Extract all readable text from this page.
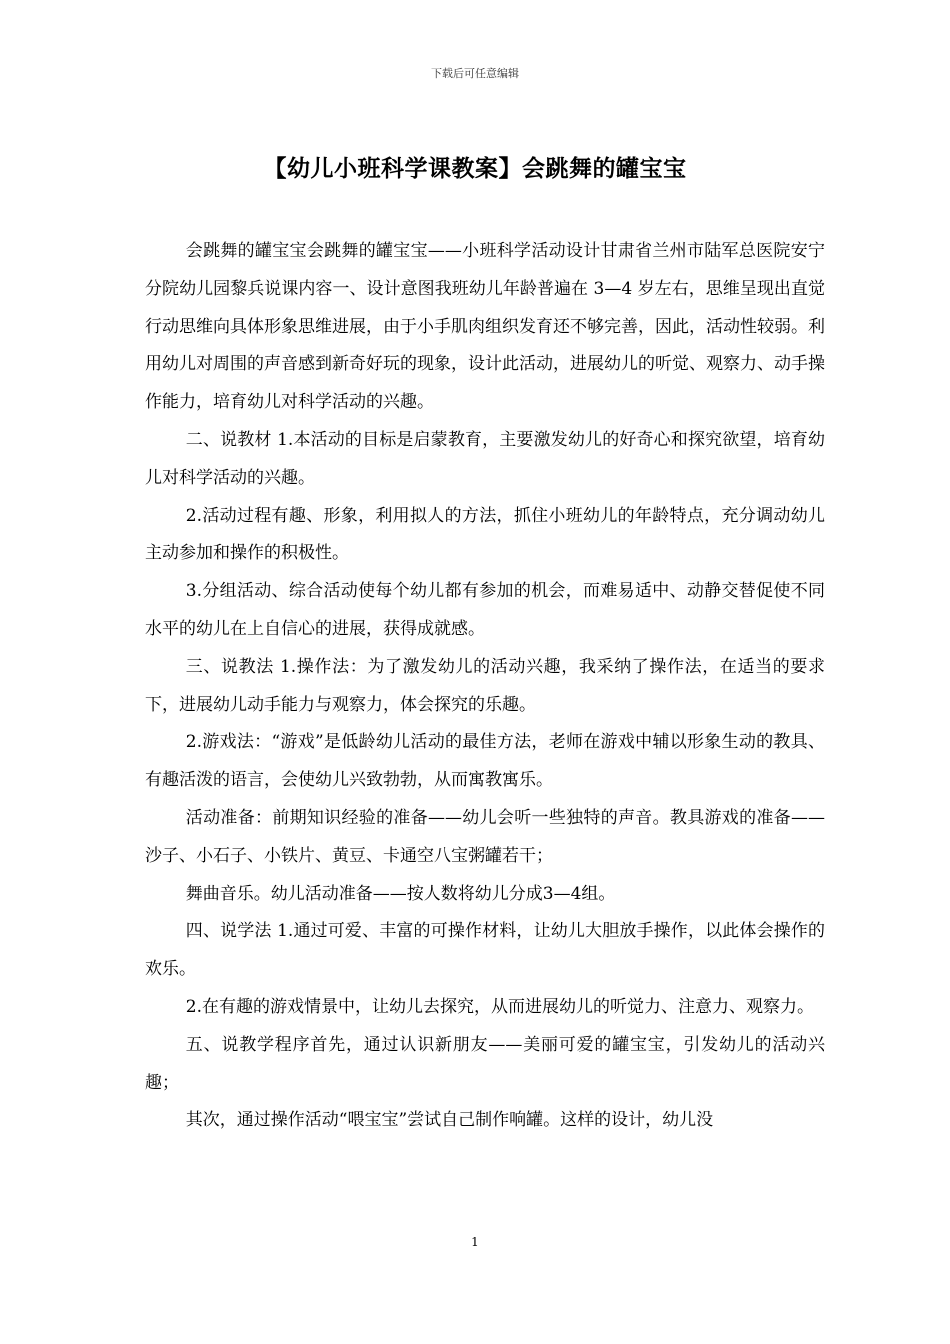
下载后可任意编辑
【幼儿小班科学课教案】会跳舞的罐宝宝

会跳舞的罐宝宝会跳舞的罐宝宝——小班科学活动设计甘肃省兰州市陆军总医院安宁分院幼儿园黎兵说课内容一、设计意图我班幼儿年龄普遍在 3—4 岁左右，思维呈现出直觉行动思维向具体形象思维进展，由于小手肌肉组织发育还不够完善，因此，活动性较弱。利用幼儿对周围的声音感到新奇好玩的现象，设计此活动，进展幼儿的听觉、观察力、动手操作能力，培育幼儿对科学活动的兴趣。

二、说教材 1.本活动的目标是启蒙教育，主要激发幼儿的好奇心和探究欲望，培育幼儿对科学活动的兴趣。

2.活动过程有趣、形象，利用拟人的方法，抓住小班幼儿的年龄特点，充分调动幼儿主动参加和操作的积极性。

3.分组活动、综合活动使每个幼儿都有参加的机会，而难易适中、动静交替促使不同水平的幼儿在上自信心的进展，获得成就感。

三、说教法 1.操作法：为了激发幼儿的活动兴趣，我采纳了操作法，在适当的要求下，进展幼儿动手能力与观察力，体会探究的乐趣。

2.游戏法：“游戏”是低龄幼儿活动的最佳方法，老师在游戏中辅以形象生动的教具、有趣活泼的语言，会使幼儿兴致勃勃，从而寓教寓乐。

活动准备：前期知识经验的准备——幼儿会听一些独特的声音。教具游戏的准备——沙子、小石子、小铁片、黄豆、卡通空八宝粥罐若干；

舞曲音乐。幼儿活动准备——按人数将幼儿分成3—4组。

四、说学法 1.通过可爱、丰富的可操作材料，让幼儿大胆放手操作，以此体会操作的欢乐。

2.在有趣的游戏情景中，让幼儿去探究，从而进展幼儿的听觉力、注意力、观察力。

五、说教学程序首先，通过认识新朋友——美丽可爱的罐宝宝，引发幼儿的活动兴趣；

其次，通过操作活动“喂宝宝”尝试自己制作响罐。这样的设计，幼儿没

1
